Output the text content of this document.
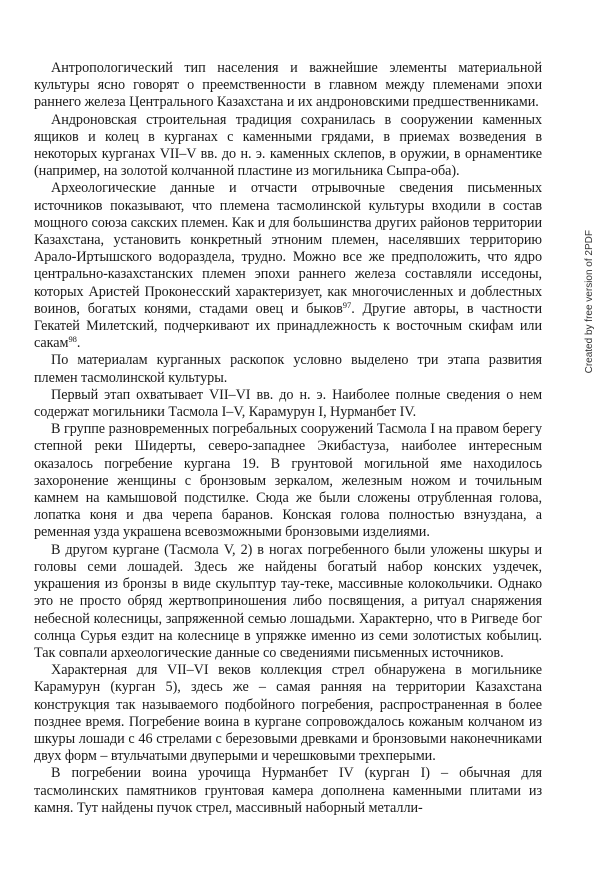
Антропологический тип населения и важнейшие элементы материальной культуры ясно говорят о преемственности в главном между племенами эпохи раннего железа Центрального Казахстана и их андроновскими предшественниками.

Андроновская строительная традиция сохранилась в сооружении каменных ящиков и колец в курганах с каменными грядами, в приемах возведения в некоторых курганах VII–V вв. до н. э. каменных склепов, в оружии, в орнаментике (например, на золотой колчанной пластине из могильника Сыпра-оба).

Археологические данные и отчасти отрывочные сведения письменных источников показывают, что племена тасмолинской культуры входили в состав мощного союза сакских племен. Как и для большинства других районов территории Казахстана, установить конкретный этноним племен, населявших территорию Арало-Иртышского водораздела, трудно. Можно все же предположить, что ядро центрально-казахстанских племен эпохи раннего железа составляли исседоны, которых Аристей Проконесский характеризует, как многочисленных и доблестных воинов, богатых конями, стадами овец и быков$^{97}$. Другие авторы, в частности Гекатей Милетский, подчеркивают их принадлежность к восточным скифам или сакам$^{98}$.

По материалам курганных раскопок условно выделено три этапа развития племен тасмолинской культуры.

Первый этап охватывает VII–VI вв. до н. э. Наиболее полные сведения о нем содержат могильники Тасмола I–V, Карамурун I, Нурманбет IV.

В группе разновременных погребальных сооружений Тасмола I на правом берегу степной реки Шидерты, северо-западнее Экибастуза, наиболее интересным оказалось погребение кургана 19. В грунтовой могильной яме находилось захоронение женщины с бронзовым зеркалом, железным ножом и точильным камнем на камышовой подстилке. Сюда же были сложены отрубленная голова, лопатка коня и два черепа баранов. Конская голова полностью взнуздана, а ременная узда украшена всевозможными бронзовыми изделиями.

В другом кургане (Тасмола V, 2) в ногах погребенного были уложены шкуры и головы семи лошадей. Здесь же найдены богатый набор конских уздечек, украшения из бронзы в виде скульптур тау-теке, массивные колокольчики. Однако это не просто обряд жертвоприношения либо посвящения, а ритуал снаряжения небесной колесницы, запряженной семью лошадьми. Характерно, что в Ригведе бог солнца Сурья ездит на колеснице в упряжке именно из семи золотистых кобылиц. Так совпали археологические данные со сведениями письменных источников.

Характерная для VII–VI веков коллекция стрел обнаружена в могильнике Карамурун (курган 5), здесь же – самая ранняя на территории Казахстана конструкция так называемого подбойного погребения, распространенная в более позднее время. Погребение воина в кургане сопровождалось кожаным колчаном из шкуры лошади с 46 стрелами с березовыми древками и бронзовыми наконечниками двух форм – втульчатыми двуперыми и черешковыми трехперыми.

В погребении воина урочища Нурманбет IV (курган I) – обычная для тасмолинских памятников грунтовая камера дополнена каменными плитами из камня. Тут найдены пучок стрел, массивный наборный металли-

Created by free version of 2PDF
